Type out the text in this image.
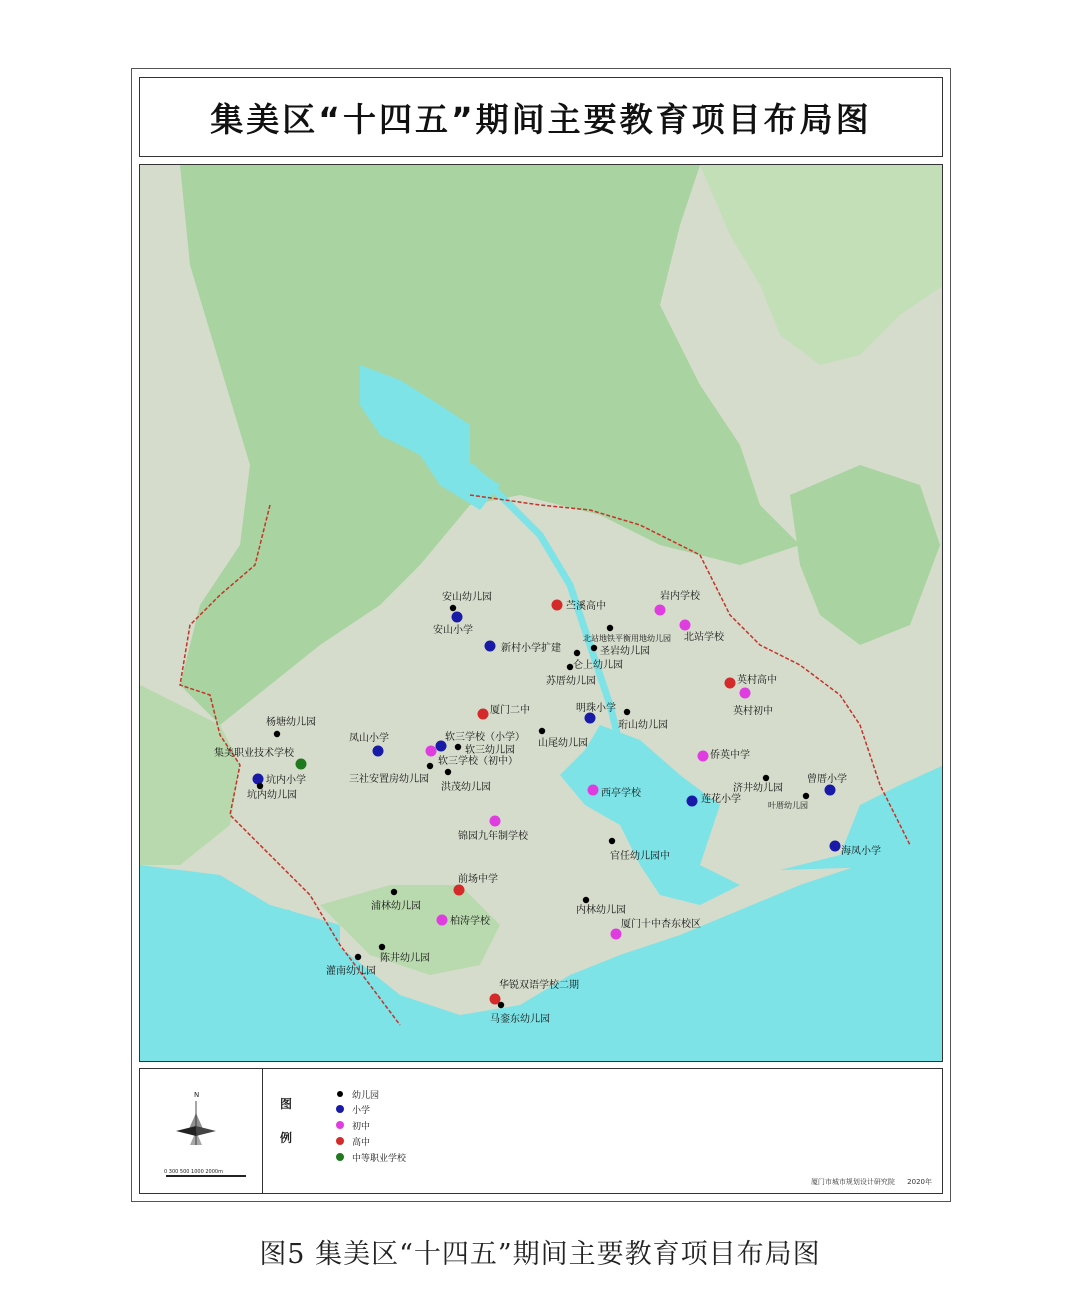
集美区“十四五”期间主要教育项目布局图
安山幼儿园
安山小学
新村小学扩建
苎溪高中
岩内学校
北站地铁平衡用地幼儿园 北站学校
圣岩幼儿园
仑上幼儿园
苏厝幼儿园	英村高中
英村初中
杨塘幼儿园
厦门二中	明珠小学
珩山幼儿园
凤山小学	软三学校（小学）
软三幼儿园
软三学校（初中）
山尾幼儿园
集美职业技术学校
三社安置房幼儿园
侨英中学
坑内小学
坑内幼儿园
洪茂幼儿园
西亭学校	济井幼儿园
曾厝小学
莲花小学
叶厝幼儿园
锦园九年制学校
官任幼儿园中	海凤小学
前场中学
浦林幼儿园	内林幼儿园
柏涛学校	厦门十中杏东校区
陈井幼儿园
灌南幼儿园
华锐双语学校二期
马銮东幼儿园
N
0 300 500 1000 2000m
图
例
幼儿园
小学
初中
高中
中等职业学校
厦门市城市规划设计研究院 2020年
图5 集美区“十四五”期间主要教育项目布局图
